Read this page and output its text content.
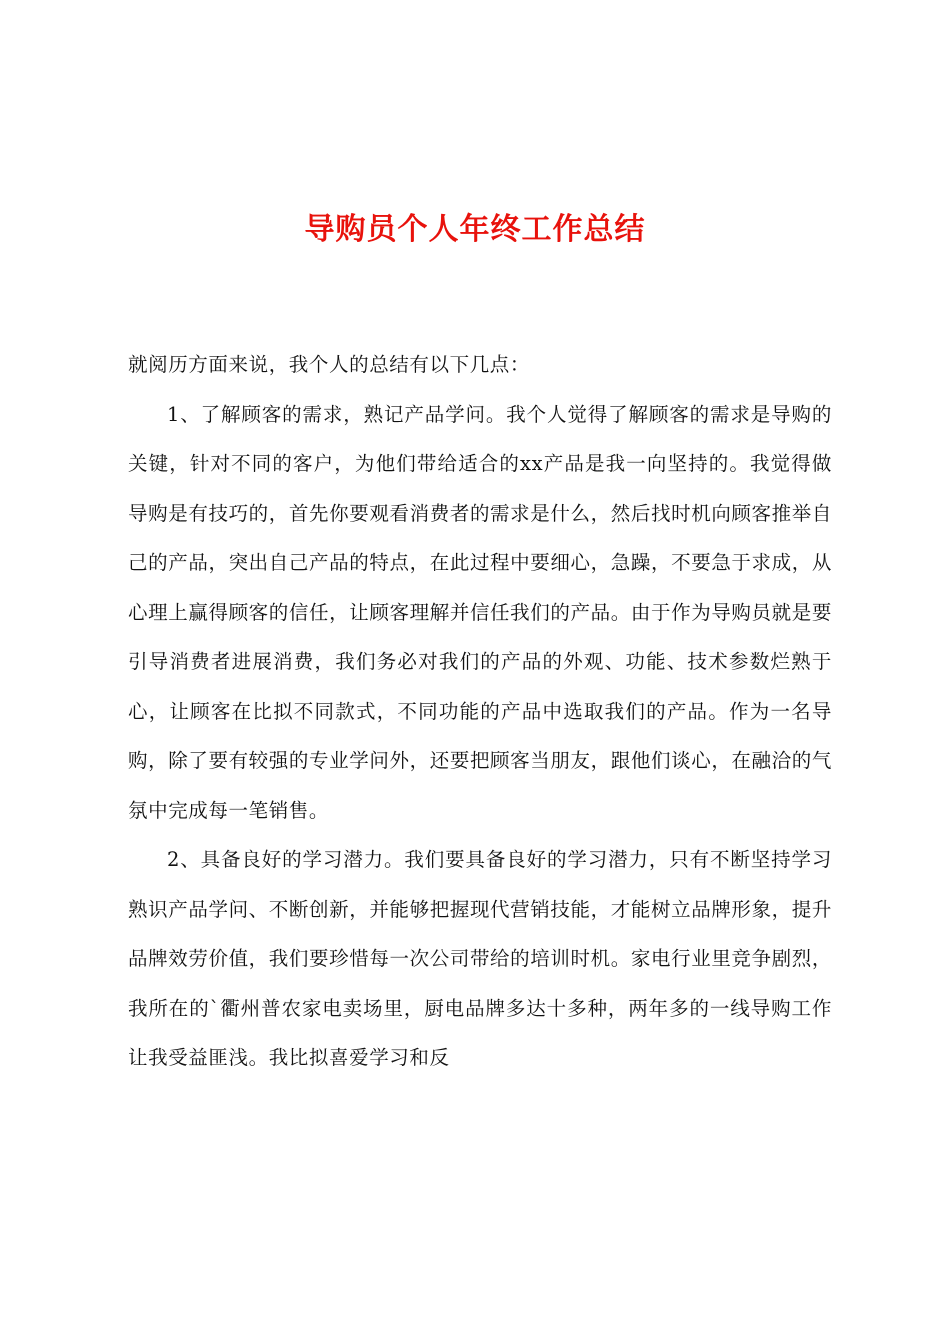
导购员个人年终工作总结

就阅历方面来说，我个人的总结有以下几点：

1、了解顾客的需求，熟记产品学问。我个人觉得了解顾客的需求是导购的关键，针对不同的客户，为他们带给适合的xx产品是我一向坚持的。我觉得做导购是有技巧的，首先你要观看消费者的需求是什么，然后找时机向顾客推举自己的产品，突出自己产品的特点，在此过程中要细心，急躁，不要急于求成，从心理上赢得顾客的信任，让顾客理解并信任我们的产品。由于作为导购员就是要引导消费者进展消费，我们务必对我们的产品的外观、功能、技术参数烂熟于心，让顾客在比拟不同款式，不同功能的产品中选取我们的产品。作为一名导购，除了要有较强的专业学问外，还要把顾客当朋友，跟他们谈心，在融洽的气氛中完成每一笔销售。

2、具备良好的学习潜力。我们要具备良好的学习潜力，只有不断坚持学习熟识产品学问、不断创新，并能够把握现代营销技能，才能树立品牌形象，提升品牌效劳价值，我们要珍惜每一次公司带给的培训时机。家电行业里竞争剧烈，我所在的`衢州普农家电卖场里，厨电品牌多达十多种，两年多的一线导购工作让我受益匪浅。我比拟喜爱学习和反
